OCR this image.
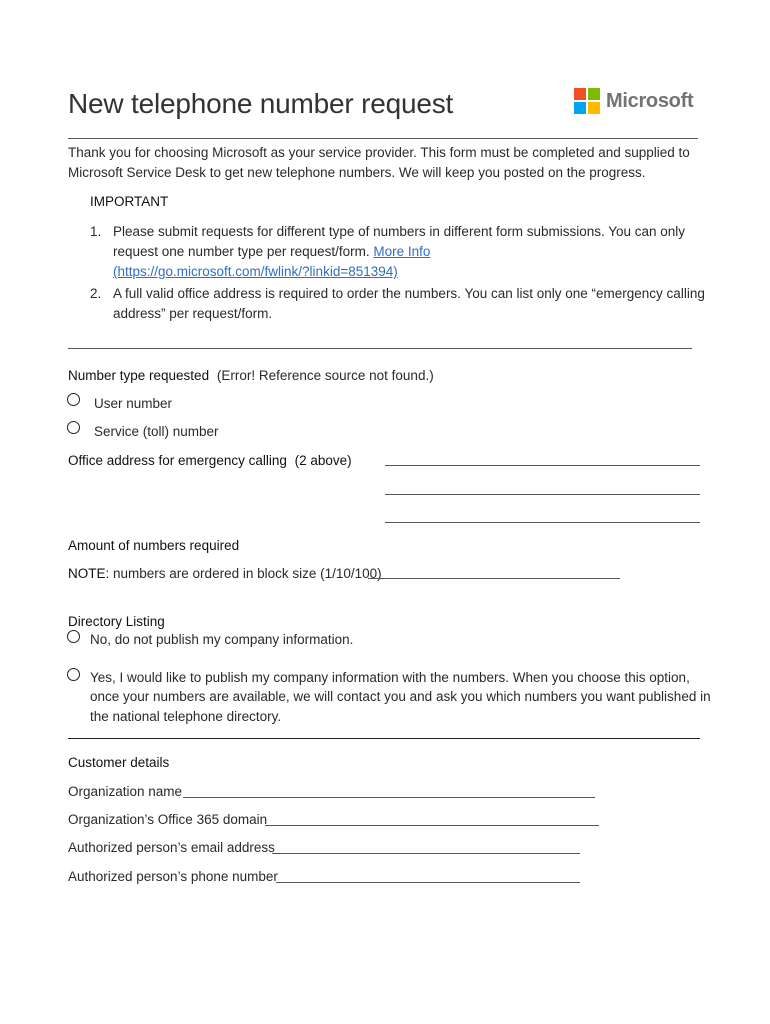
New telephone number request	Microsoft
Thank you for choosing Microsoft as your service provider. This form must be completed and supplied to
Microsoft Service Desk to get new telephone numbers. We will keep you posted on the progress.
IMPORTANT
1. Please submit requests for different type of numbers in different form submissions. You can only
request one number type per request/form. More Info
(https://go.microsoft.com/fwlink/?linkid=851394)
2. A full valid office address is required to order the numbers. You can list only one “emergency calling
address” per request/form.
Number type requested (Error! Reference source not found.)
User number
Service (toll) number
Office address for emergency calling (2 above)
Amount of numbers required
NOTE: numbers are ordered in block size (1/10/100)
Directory Listing
No, do not publish my company information.
Yes, I would like to publish my company information with the numbers. When you choose this option,
once your numbers are available, we will contact you and ask you which numbers you want published in
the national telephone directory.
Customer details
Organization name
Organization’s Office 365 domain
Authorized person’s email address
Authorized person’s phone number
